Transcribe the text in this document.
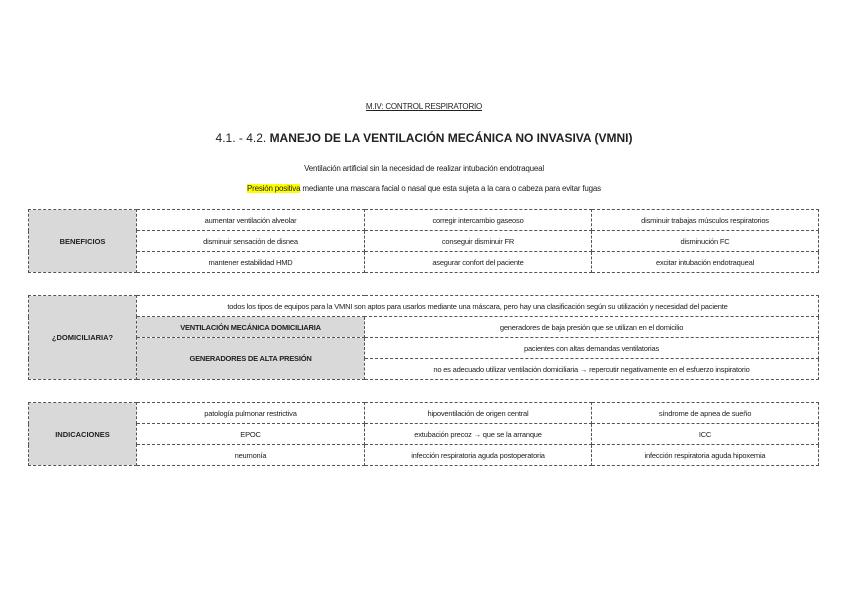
M.IV: CONTROL RESPIRATORIO
4.1. - 4.2. MANEJO DE LA VENTILACIÓN MECÁNICA NO INVASIVA (VMNI)
Ventilación artificial sin la necesidad de realizar intubación endotraqueal
Presión positiva mediante una mascara facial o nasal que esta sujeta a la cara o cabeza para evitar fugas
BENEFICIOS	aumentar ventilación alveolar	corregir intercambio gaseoso	disminuir trabajas músculos respiratorios
	disminuir sensación de disnea	conseguir disminuir FR	disminución FC
	mantener estabilidad HMD	asegurar confort del paciente	excitar intubación endotraqueal
¿DOMICILIARIA?	todos los tipos de equipos para la VMNI son aptos para usarlos mediante una máscara, pero hay una clasificación según su utilización y necesidad del paciente	
	VENTILACIÓN MECÁNICA DOMICILIARIA	generadores de baja presión que se utilizan en el domicilio
	GENERADORES DE ALTA PRESIÓN	pacientes con altas demandas ventilatorias
		no es adecuado utilizar ventilación domiciliaria → repercutir negativamente en el esfuerzo inspiratorio
INDICACIONES	patología pulmonar restrictiva	hipoventilación de origen central	síndrome de apnea de sueño
	EPOC	extubación precoz → que se la arranque	ICC
	neumonía	infección respiratoria aguda postoperatoria	infección respiratoria aguda hipoxemia
